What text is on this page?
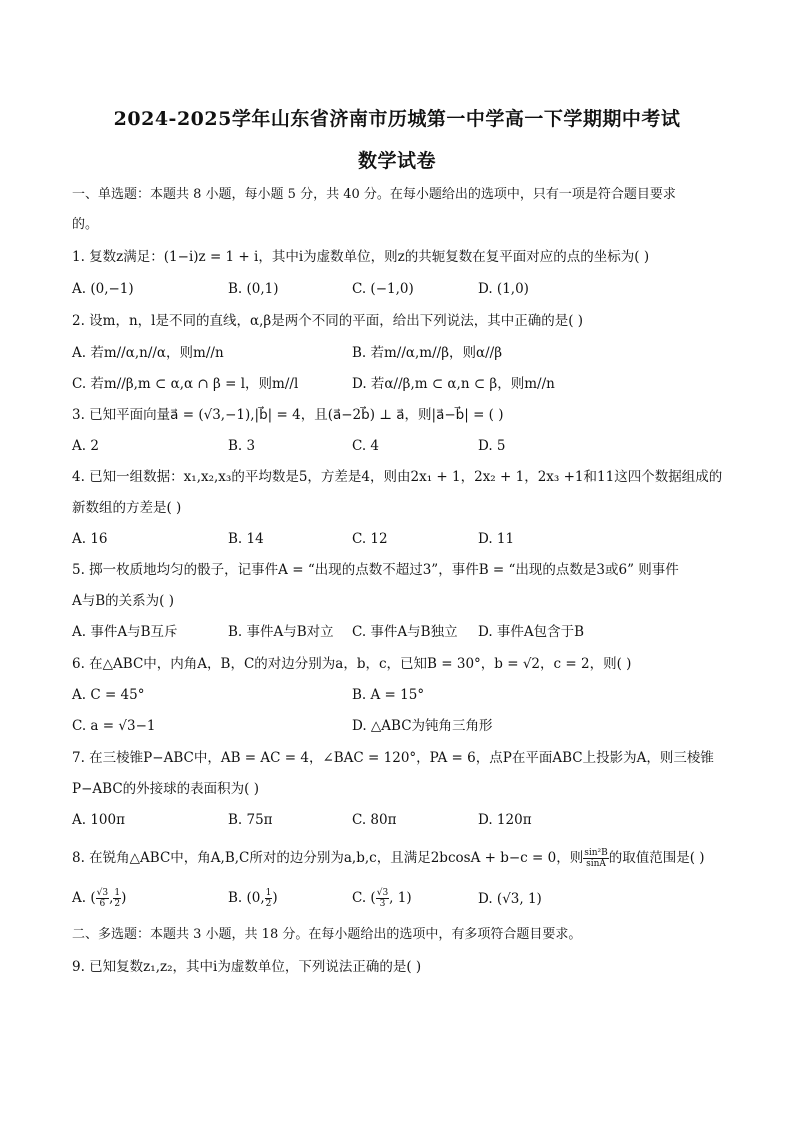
2024-2025学年山东省济南市历城第一中学高一下学期期中考试
数学试卷
一、单选题：本题共 8 小题，每小题 5 分，共 40 分。在每小题给出的选项中，只有一项是符合题目要求
的。
1. 复数z满足：(1−i)z = 1 + i，其中i为虚数单位，则z的共轭复数在复平面对应的点的坐标为( )
A. (0,−1)	B. (0,1)	C. (−1,0)	D. (1,0)
2. 设m，n，l是不同的直线，α,β是两个不同的平面，给出下列说法，其中正确的是( )
A. 若m//α,n//α，则m//n	B. 若m//α,m//β，则α//β
C. 若m//β,m ⊂ α,α ∩ β = l，则m//l	D. 若α//β,m ⊂ α,n ⊂ β，则m//n
3. 已知平面向量a⃗ = (√3,−1),|b⃗| = 4，且(a⃗−2b⃗) ⊥ a⃗，则|a⃗−b⃗| = ( )
A. 2	B. 3	C. 4	D. 5
4. 已知一组数据：x₁,x₂,x₃的平均数是5，方差是4，则由2x₁ + 1，2x₂ + 1，2x₃ +1和11这四个数据组成的
新数组的方差是( )
A. 16	B. 14	C. 12	D. 11
5. 掷一枚质地均匀的骰子，记事件A = “出现的点数不超过3”，事件B = “出现的点数是3或6” 则事件
A与B的关系为( )
A. 事件A与B互斥	B. 事件A与B对立 C. 事件A与B独立 D. 事件A包含于B
6. 在△ABC中，内角A，B，C的对边分别为a，b，c，已知B = 30°，b = √2，c = 2，则( )
A. C = 45°	B. A = 15°
C. a = √3−1	D. △ABC为钝角三角形
7. 在三棱锥P−ABC中，AB = AC = 4，∠BAC = 120°，PA = 6，点P在平面ABC上投影为A，则三棱锥
P−ABC的外接球的表面积为( )
A. 100π	B. 75π	C. 80π	D. 120π
8. 在锐角△ABC中，角A,B,C所对的边分别为a,b,c，且满足2bcosA + b−c = 0，则 $\frac{\text{sin²B}}{\sin A}$ 的取值范围是( )
A. ( $\frac{√3}{6}$ , $\frac{1}{2}$ )	B. (0, $\frac{1}{2}$ )	C. ( $\frac{√3}{3}$ , 1)	D. (√3, 1)
二、多选题：本题共 3 小题，共 18 分。在每小题给出的选项中，有多项符合题目要求。
9. 已知复数z₁,z₂，其中i为虚数单位，下列说法正确的是( )
